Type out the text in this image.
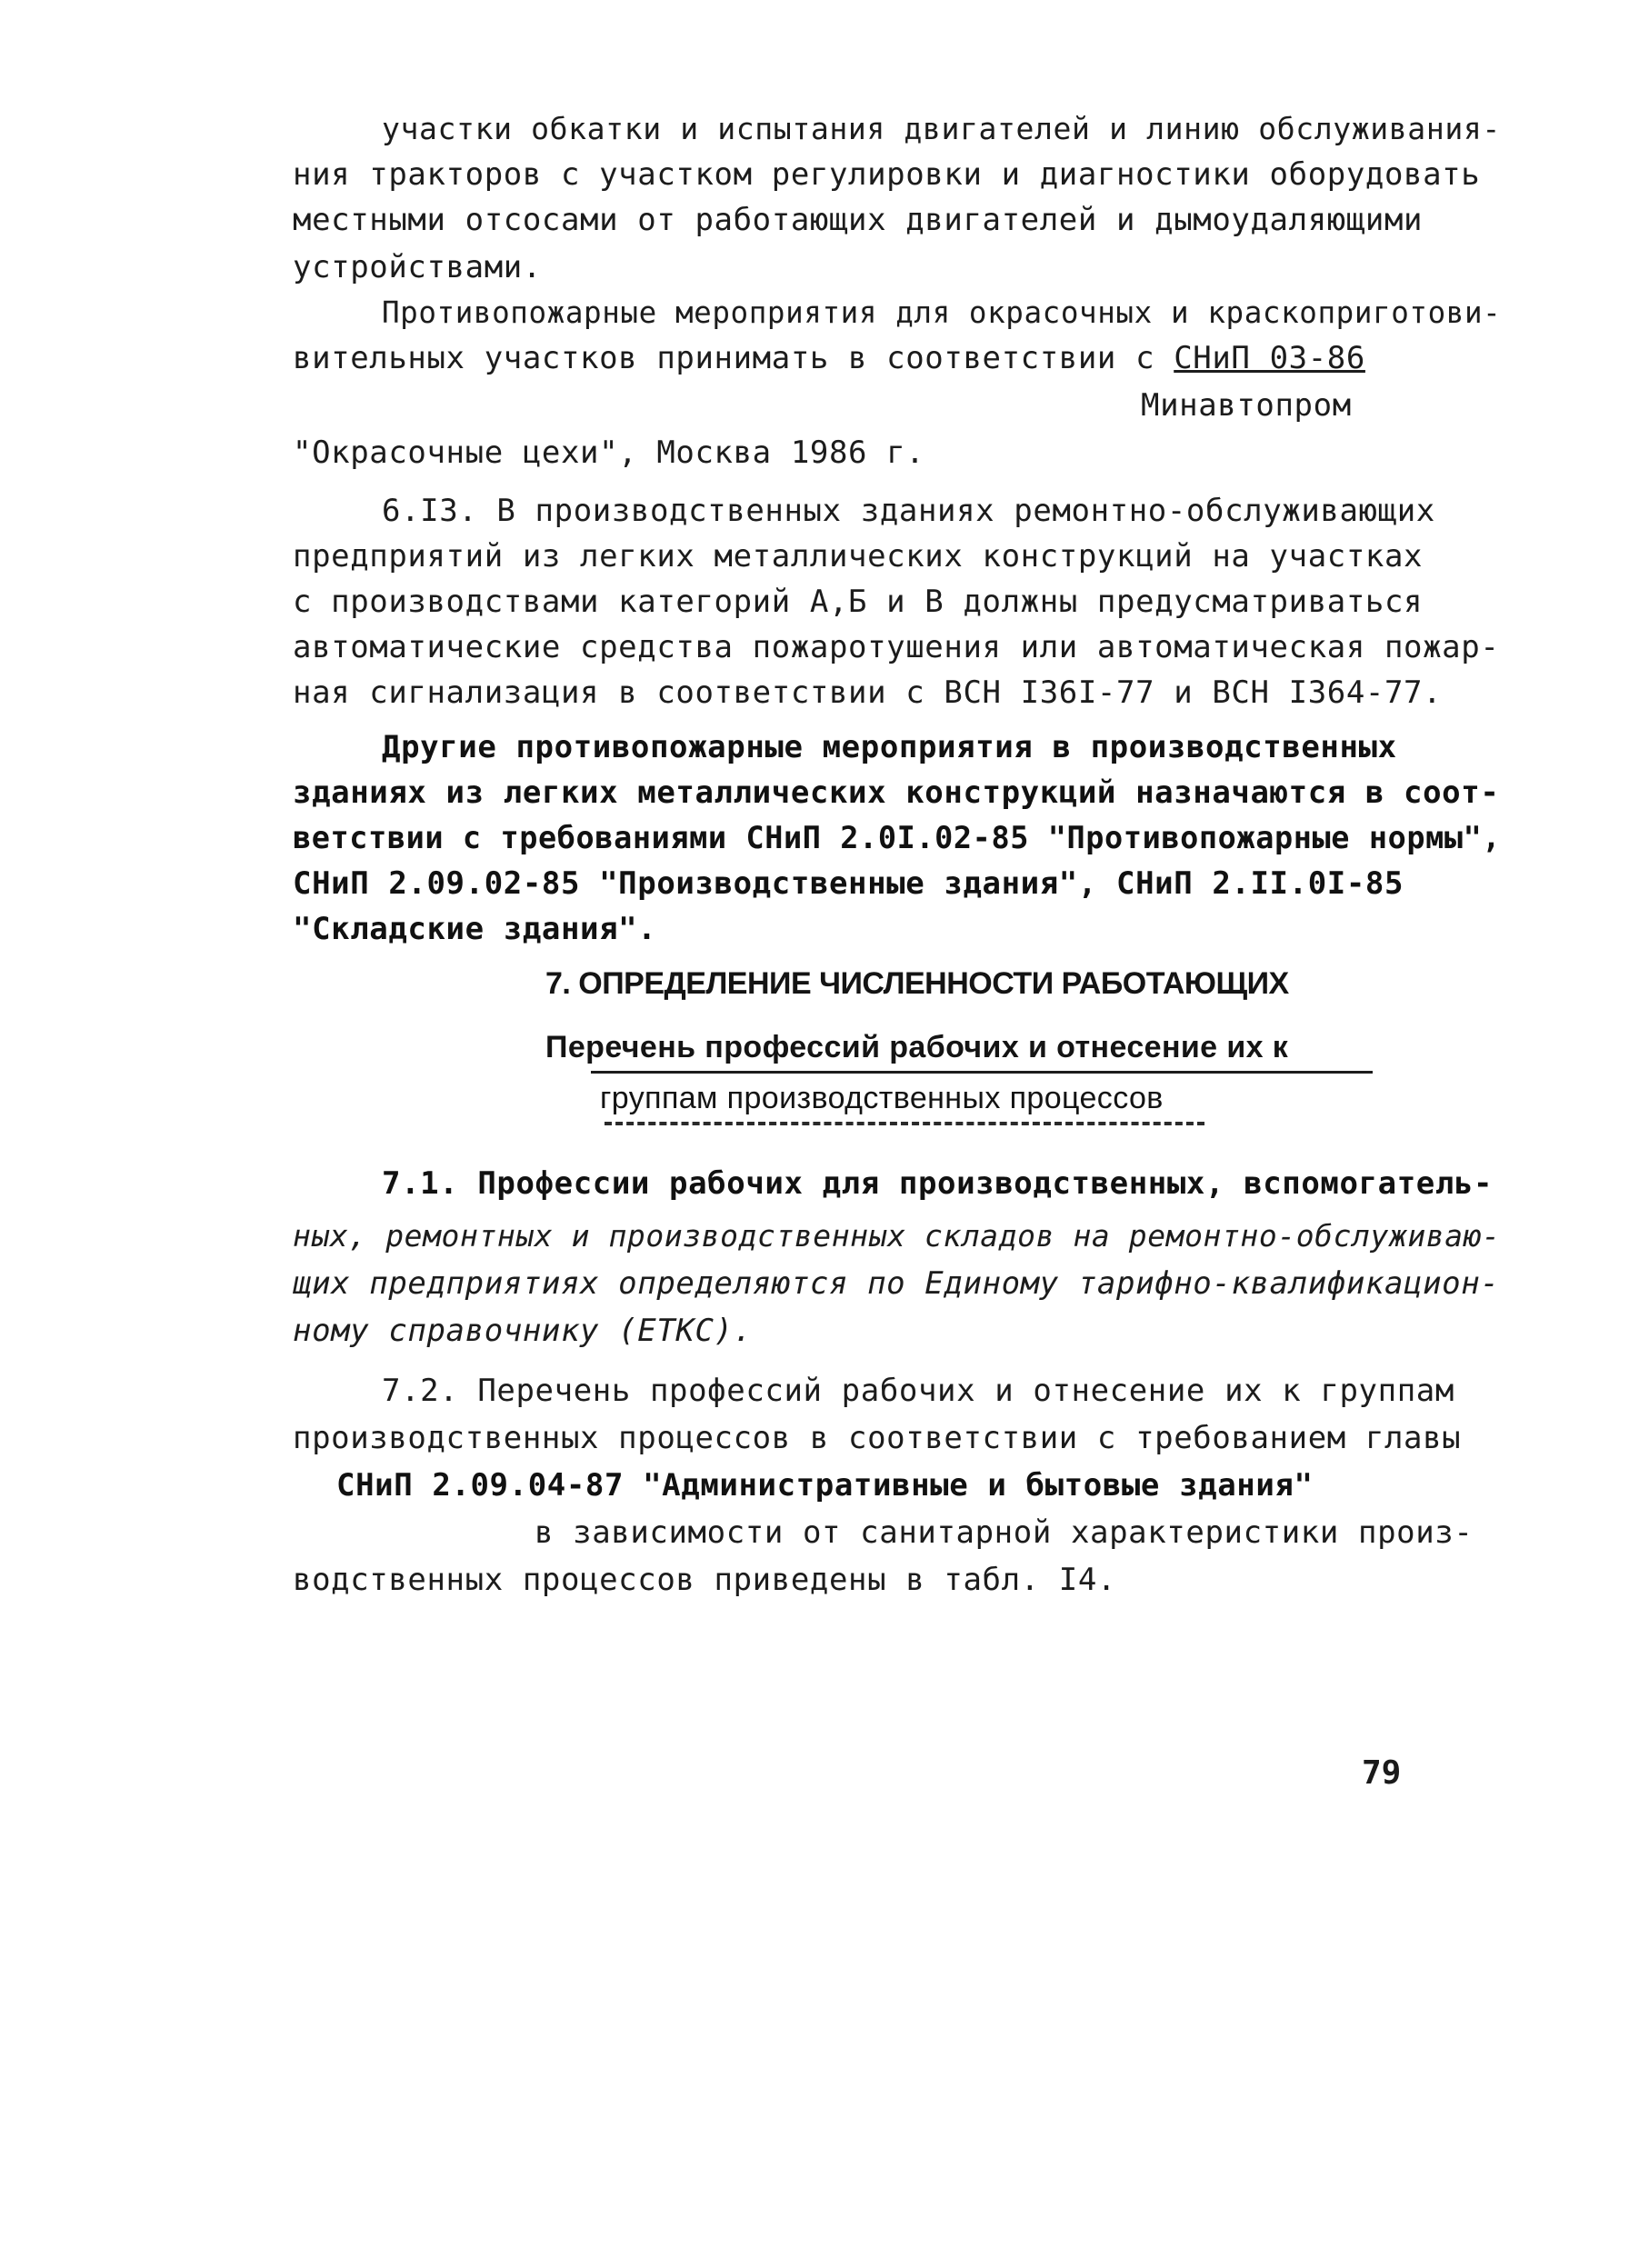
участки обкатки и испытания двигателей и линию обслуживания-
ния тракторов с участком регулировки и диагностики оборудовать
местными отсосами от работающих двигателей и дымоудаляющими
устройствами.
Противопожарные мероприятия для окрасочных и краскоприготови-
вительных участков принимать в соответствии с СНиП 03-86
Минавтопром
"Окрасочные цехи", Москва 1986 г.
6.I3. В производственных зданиях ремонтно-обслуживающих
предприятий из легких металлических конструкций на участках
с производствами категорий А,Б и В должны предусматриваться
автоматические средства пожаротушения или автоматическая пожар-
ная сигнализация в соответствии с ВСН I36I-77 и ВСН I364-77.
Другие противопожарные мероприятия в производственных
зданиях из легких металлических конструкций назначаются в соот-
ветствии с требованиями СНиП 2.0I.02-85 "Противопожарные нормы",
СНиП 2.09.02-85 "Производственные здания", СНиП 2.II.0I-85
"Складские здания".
7. ОПРЕДЕЛЕНИЕ ЧИСЛЕННОСТИ РАБОТАЮЩИХ
Перечень профессий рабочих и отнесение их к
группам производственных процессов
7.1. Профессии рабочих для производственных, вспомогатель-
ных, ремонтных и производственных складов на ремонтно-обслуживаю-
щих предприятиях определяются по Единому тарифно-квалификацион-
ному справочнику (ЕТКС).
7.2. Перечень профессий рабочих и отнесение их к группам
производственных процессов в соответствии с требованием главы
СНиП 2.09.04-87 "Административные и бытовые здания"
в зависимости от санитарной характеристики произ-
водственных процессов приведены в табл. I4.
79
